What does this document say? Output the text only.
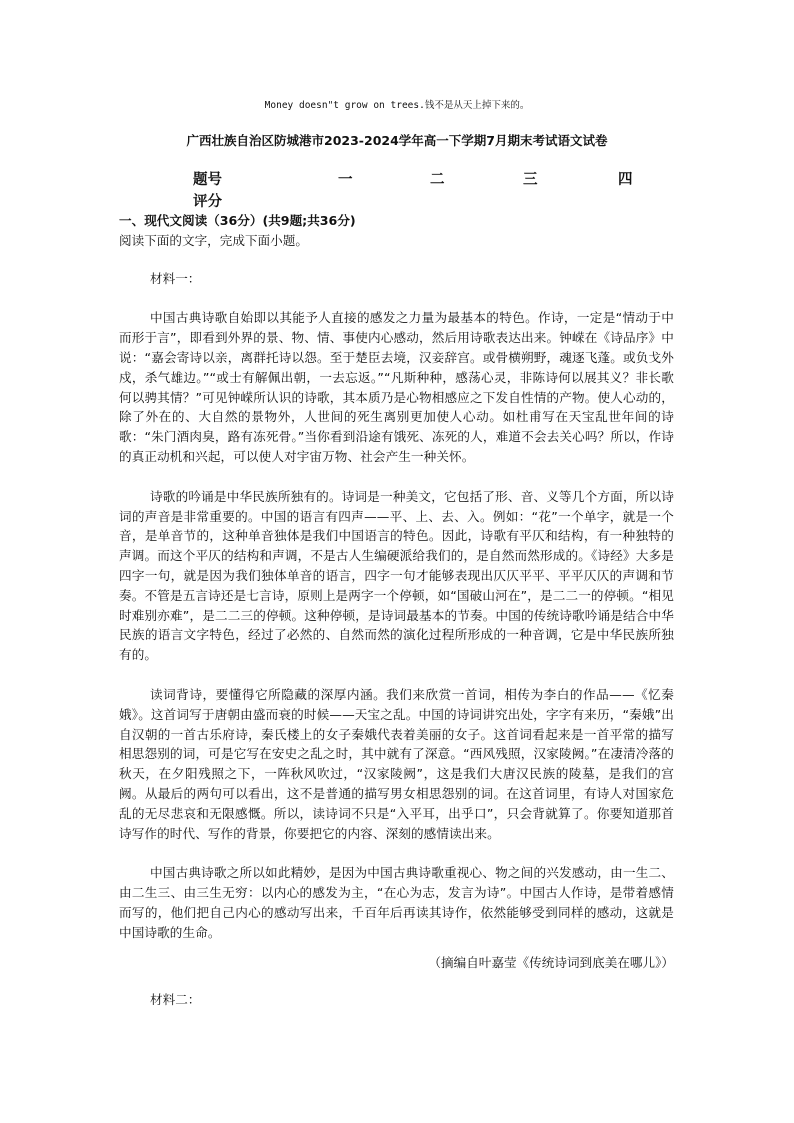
Money doesn"t grow on trees.钱不是从天上掉下来的。
广西壮族自治区防城港市2023-2024学年高一下学期7月期末考试语文试卷
题号	一	二	三	四
评分
一、现代文阅读（36分）(共9题;共36分)
阅读下面的文字，完成下面小题。
材料一：
中国古典诗歌自始即以其能予人直接的感发之力量为最基本的特色。作诗，一定是“情动于中而形于言”，即看到外界的景、物、情、事使内心感动，然后用诗歌表达出来。钟嵘在《诗品序》中说：“嘉会寄诗以亲，离群托诗以怨。至于楚臣去境，汉妾辞宫。或骨横朔野，魂逐飞蓬。或负戈外戍，杀气雄边。”“或士有解佩出朝，一去忘返。”“凡斯种种，感荡心灵，非陈诗何以展其义？非长歌何以骋其情？”可见钟嵘所认识的诗歌，其本质乃是心物相感应之下发自性情的产物。使人心动的，除了外在的、大自然的景物外，人世间的死生离别更加使人心动。如杜甫写在天宝乱世年间的诗歌：“朱门酒肉臭，路有冻死骨。”当你看到沿途有饿死、冻死的人，难道不会去关心吗？所以，作诗的真正动机和兴起，可以使人对宇宙万物、社会产生一种关怀。
诗歌的吟诵是中华民族所独有的。诗词是一种美文，它包括了形、音、义等几个方面，所以诗词的声音是非常重要的。中国的语言有四声——平、上、去、入。例如：“花”一个单字，就是一个音，是单音节的，这种单音独体是我们中国语言的特色。因此，诗歌有平仄和结构，有一种独特的声调。而这个平仄的结构和声调，不是古人生编硬派给我们的，是自然而然形成的。《诗经》大多是四字一句，就是因为我们独体单音的语言，四字一句才能够表现出仄仄平平、平平仄仄的声调和节奏。不管是五言诗还是七言诗，原则上是两字一个停顿，如“国破山河在”，是二二一的停顿。“相见时难别亦难”，是二二三的停顿。这种停顿，是诗词最基本的节奏。中国的传统诗歌吟诵是结合中华民族的语言文字特色，经过了必然的、自然而然的演化过程所形成的一种音调，它是中华民族所独有的。
读词背诗，要懂得它所隐藏的深厚内涵。我们来欣赏一首词，相传为李白的作品——《忆秦娥》。这首词写于唐朝由盛而衰的时候——天宝之乱。中国的诗词讲究出处，字字有来历，“秦娥”出自汉朝的一首古乐府诗，秦氏楼上的女子秦娥代表着美丽的女子。这首词看起来是一首平常的描写相思怨别的词，可是它写在安史之乱之时，其中就有了深意。“西风残照，汉家陵阙。”在凄清冷落的秋天，在夕阳残照之下，一阵秋风吹过，“汉家陵阙”，这是我们大唐汉民族的陵墓，是我们的宫阙。从最后的两句可以看出，这不是普通的描写男女相思怨别的词。在这首词里，有诗人对国家危乱的无尽悲哀和无限感慨。所以，读诗词不只是“入平耳，出乎口”，只会背就算了。你要知道那首诗写作的时代、写作的背景，你要把它的内容、深刻的感情读出来。
中国古典诗歌之所以如此精妙，是因为中国古典诗歌重视心、物之间的兴发感动，由一生二、由二生三、由三生无穷：以内心的感发为主，“在心为志，发言为诗”。中国古人作诗，是带着感情而写的，他们把自己内心的感动写出来，千百年后再读其诗作，依然能够受到同样的感动，这就是中国诗歌的生命。
（摘编自叶嘉莹《传统诗词到底美在哪儿》）
材料二：
